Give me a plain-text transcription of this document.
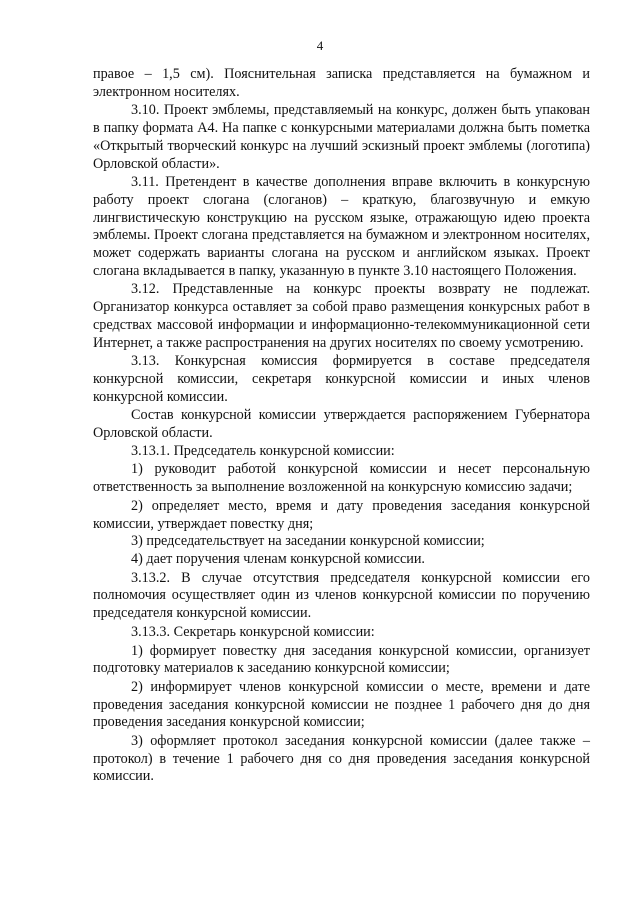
4

правое – 1,5 см). Пояснительная записка представляется на бумажном и электронном носителях.

3.10. Проект эмблемы, представляемый на конкурс, должен быть упакован в папку формата А4. На папке с конкурсными материалами должна быть пометка «Открытый творческий конкурс на лучший эскизный проект эмблемы (логотипа) Орловской области».

3.11. Претендент в качестве дополнения вправе включить в конкурсную работу проект слогана (слоганов) – краткую, благозвучную и емкую лингвистическую конструкцию на русском языке, отражающую идею проекта эмблемы. Проект слогана представляется на бумажном и электронном носителях, может содержать варианты слогана на русском и английском языках. Проект слогана вкладывается в папку, указанную в пункте 3.10 настоящего Положения.

3.12. Представленные на конкурс проекты возврату не подлежат. Организатор конкурса оставляет за собой право размещения конкурсных работ в средствах массовой информации и информационно-телекоммуникационной сети Интернет, а также распространения на других носителях по своему усмотрению.

3.13. Конкурсная комиссия формируется в составе председателя конкурсной комиссии, секретаря конкурсной комиссии и иных членов конкурсной комиссии.

Состав конкурсной комиссии утверждается распоряжением Губернатора Орловской области.

3.13.1. Председатель конкурсной комиссии:

1) руководит работой конкурсной комиссии и несет персональную ответственность за выполнение возложенной на конкурсную комиссию задачи;

2) определяет место, время и дату проведения заседания конкурсной комиссии, утверждает повестку дня;

3) председательствует на заседании конкурсной комиссии;

4) дает поручения членам конкурсной комиссии.

3.13.2. В случае отсутствия председателя конкурсной комиссии его полномочия осуществляет один из членов конкурсной комиссии по поручению председателя конкурсной комиссии.

3.13.3. Секретарь конкурсной комиссии:

1) формирует повестку дня заседания конкурсной комиссии, организует подготовку материалов к заседанию конкурсной комиссии;

2) информирует членов конкурсной комиссии о месте, времени и дате проведения заседания конкурсной комиссии не позднее 1 рабочего дня до дня проведения заседания конкурсной комиссии;

3) оформляет протокол заседания конкурсной комиссии (далее также – протокол) в течение 1 рабочего дня со дня проведения заседания конкурсной комиссии.
